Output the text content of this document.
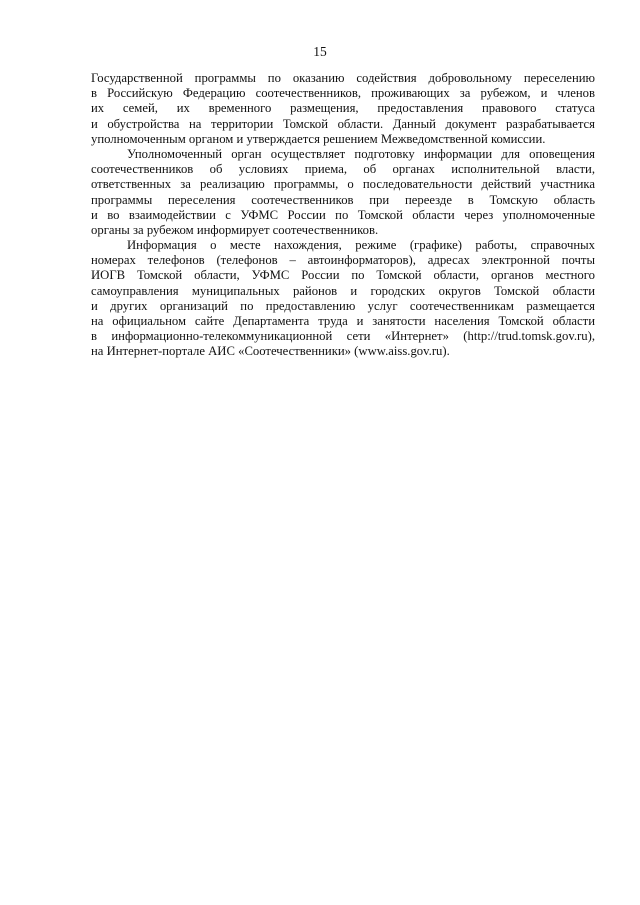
15
Государственной программы по оказанию содействия добровольному переселению
в Российскую Федерацию соотечественников, проживающих за рубежом, и членов
их семей, их временного размещения, предоставления правового статуса
и обустройства на территории Томской области. Данный документ разрабатывается
уполномоченным органом и утверждается решением Межведомственной комиссии.
Уполномоченный орган осуществляет подготовку информации для оповещения
соотечественников об условиях приема, об органах исполнительной власти,
ответственных за реализацию программы, о последовательности действий участника
программы переселения соотечественников при переезде в Томскую область
и во взаимодействии с УФМС России по Томской области через уполномоченные
органы за рубежом информирует соотечественников.
Информация о месте нахождения, режиме (графике) работы, справочных
номерах телефонов (телефонов – автоинформаторов), адресах электронной почты
ИОГВ Томской области, УФМС России по Томской области, органов местного
самоуправления муниципальных районов и городских округов Томской области
и других организаций по предоставлению услуг соотечественникам размещается
на официальном сайте Департамента труда и занятости населения Томской области
в информационно-телекоммуникационной сети «Интернет» (http://trud.tomsk.gov.ru),
на Интернет-портале АИС «Соотечественники» (www.aiss.gov.ru).
